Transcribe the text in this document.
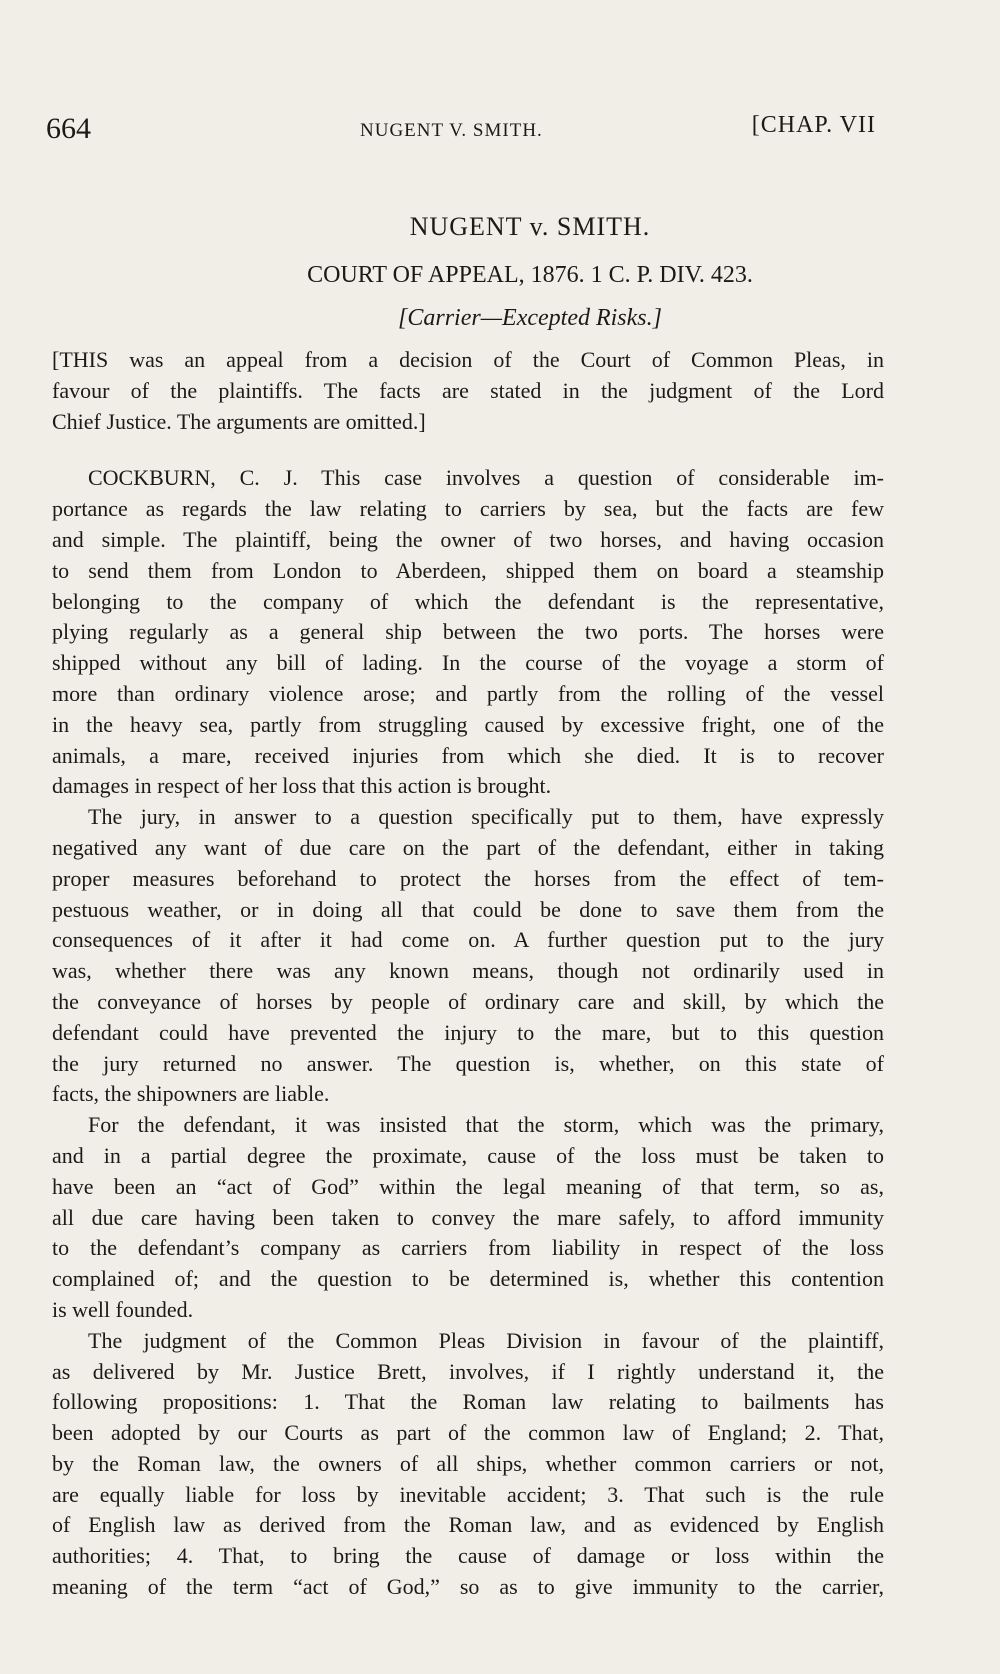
664	NUGENT V. SMITH.	[CHAP. VII
NUGENT v. SMITH.
COURT OF APPEAL, 1876. 1 C. P. DIV. 423.
[Carrier—Excepted Risks.]
[THIS was an appeal from a decision of the Court of Common Pleas, in
favour of the plaintiffs. The facts are stated in the judgment of the Lord
Chief Justice. The arguments are omitted.]
COCKBURN, C. J. This case involves a question of considerable im-
portance as regards the law relating to carriers by sea, but the facts are few
and simple. The plaintiff, being the owner of two horses, and having occasion
to send them from London to Aberdeen, shipped them on board a steamship
belonging to the company of which the defendant is the representative,
plying regularly as a general ship between the two ports. The horses were
shipped without any bill of lading. In the course of the voyage a storm of
more than ordinary violence arose; and partly from the rolling of the vessel
in the heavy sea, partly from struggling caused by excessive fright, one of the
animals, a mare, received injuries from which she died. It is to recover
damages in respect of her loss that this action is brought.
The jury, in answer to a question specifically put to them, have expressly
negatived any want of due care on the part of the defendant, either in taking
proper measures beforehand to protect the horses from the effect of tem-
pestuous weather, or in doing all that could be done to save them from the
consequences of it after it had come on. A further question put to the jury
was, whether there was any known means, though not ordinarily used in
the conveyance of horses by people of ordinary care and skill, by which the
defendant could have prevented the injury to the mare, but to this question
the jury returned no answer. The question is, whether, on this state of
facts, the shipowners are liable.
For the defendant, it was insisted that the storm, which was the primary,
and in a partial degree the proximate, cause of the loss must be taken to
have been an “act of God” within the legal meaning of that term, so as,
all due care having been taken to convey the mare safely, to afford immunity
to the defendant’s company as carriers from liability in respect of the loss
complained of; and the question to be determined is, whether this contention
is well founded.
The judgment of the Common Pleas Division in favour of the plaintiff,
as delivered by Mr. Justice Brett, involves, if I rightly understand it, the
following propositions: 1. That the Roman law relating to bailments has
been adopted by our Courts as part of the common law of England; 2. That,
by the Roman law, the owners of all ships, whether common carriers or not,
are equally liable for loss by inevitable accident; 3. That such is the rule
of English law as derived from the Roman law, and as evidenced by English
authorities; 4. That, to bring the cause of damage or loss within the
meaning of the term “act of God,” so as to give immunity to the carrier,
